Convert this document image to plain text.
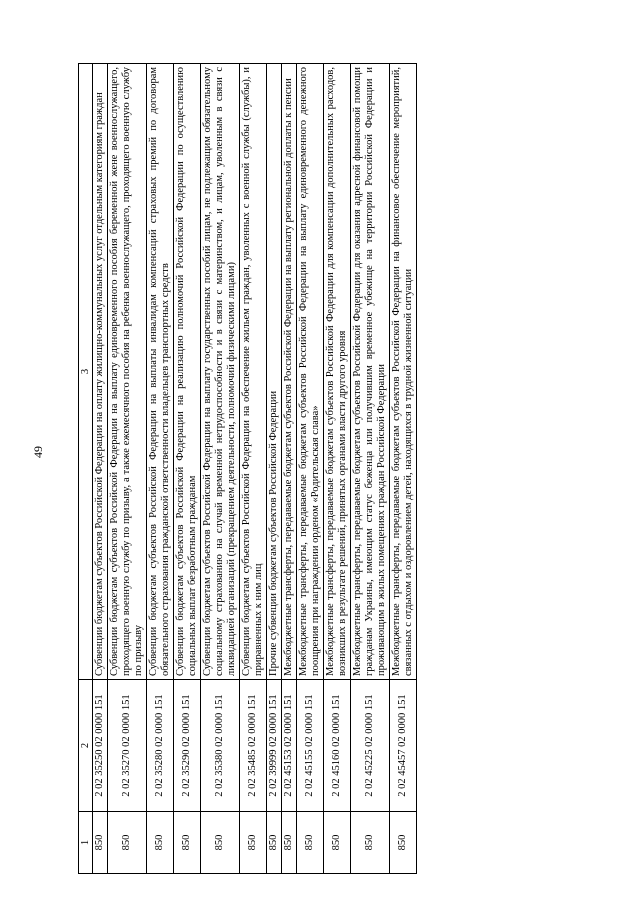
49
1	2	3
850	2 02 35250 02 0000 151	Субвенции бюджетам субъектов Российской Федерации на оплату жилищно-коммунальных услуг отдельным категориям граждан
850	2 02 35270 02 0000 151	Субвенции бюджетам субъектов Российской Федерации на выплату единовременного пособия беременной жене военнослужащего, проходящего военную службу по призыву, а также ежемесячного пособия на ребенка военнослужащего, проходящего военную службу по призыву
850	2 02 35280 02 0000 151	Субвенции бюджетам субъектов Российской Федерации на выплаты инвалидам компенсаций страховых премий по договорам обязательного страхования гражданской ответственности владельцев транспортных средств
850	2 02 35290 02 0000 151	Субвенции бюджетам субъектов Российской Федерации на реализацию полномочий Российской Федерации по осуществлению социальных выплат безработным гражданам
850	2 02 35380 02 0000 151	Субвенции бюджетам субъектов Российской Федерации на выплату государственных пособий лицам, не подлежащим обязательному социальному страхованию на случай временной нетрудоспособности и в связи с материнством, и лицам, уволенным в связи с ликвидацией организаций (прекращением деятельности, полномочий физическими лицами)
850	2 02 35485 02 0000 151	Субвенции бюджетам субъектов Российской Федерации на обеспечение жильем граждан, уволенных с военной службы (службы), и приравненных к ним лиц
850	2 02 39999 02 0000 151	Прочие субвенции бюджетам субъектов Российской Федерации
850	2 02 45153 02 0000 151	Межбюджетные трансферты, передаваемые бюджетам субъектов Российской Федерации на выплату региональной доплаты к пенсии
850	2 02 45155 02 0000 151	Межбюджетные трансферты, передаваемые бюджетам субъектов Российской Федерации на выплату единовременного денежного поощрения при награждении орденом «Родительская слава»
850	2 02 45160 02 0000 151	Межбюджетные трансферты, передаваемые бюджетам субъектов Российской Федерации для компенсации дополнительных расходов, возникших в результате решений, принятых органами власти другого уровня
850	2 02 45225 02 0000 151	Межбюджетные трансферты, передаваемые бюджетам субъектов Российской Федерации для оказания адресной финансовой помощи гражданам Украины, имеющим статус беженца или получившим временное убежище на территории Российской Федерации и проживающим в жилых помещениях граждан Российской Федерации
850	2 02 45457 02 0000 151	Межбюджетные трансферты, передаваемые бюджетам субъектов Российской Федерации на финансовое обеспечение мероприятий, связанных с отдыхом и оздоровлением детей, находящихся в трудной жизненной ситуации
